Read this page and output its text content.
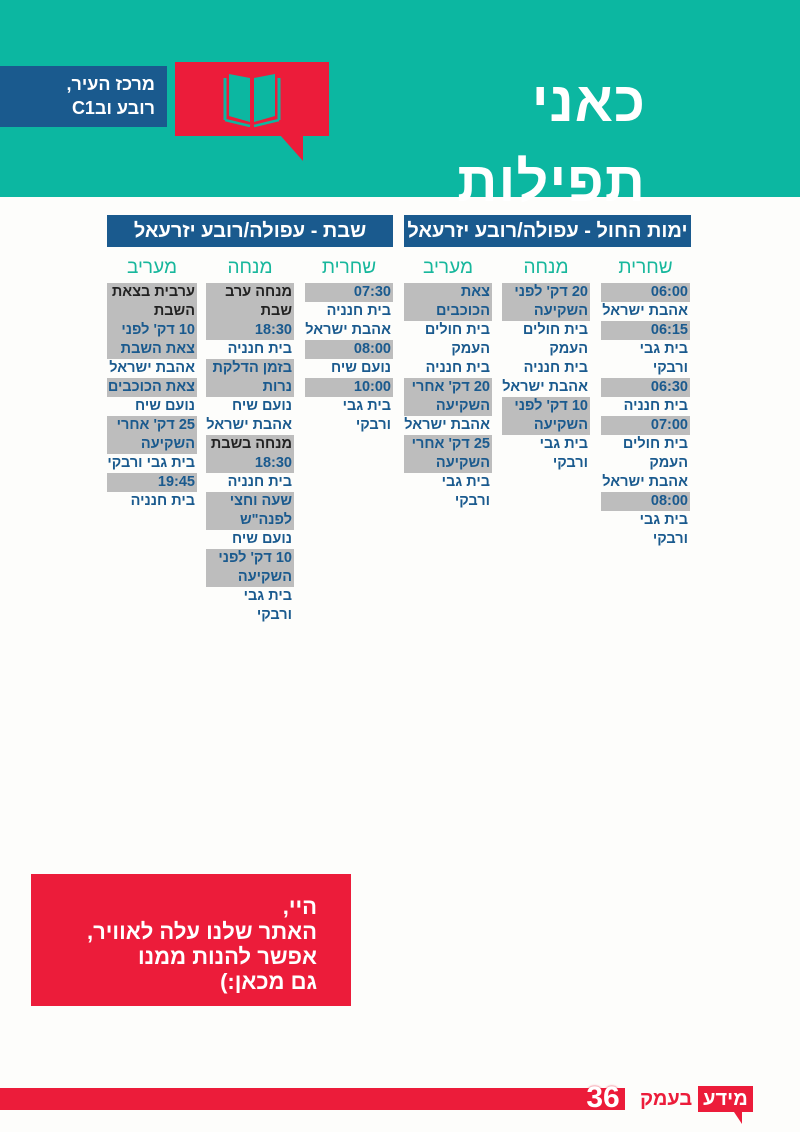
מרכז העיר,
רובע ובC1	כאני תפילות
ימות החול - עפולה/רובע יזרעאל
שבת - עפולה/רובע יזרעאל
שחרית
06:00
אהבת ישראל
06:15
בית גבי ורבקי
06:30
בית חנניה
07:00
בית חולים
העמק
אהבת ישראל
08:00
בית גבי ורבקי
מנחה
20 דק' לפני
השקיעה
בית חולים
העמק
בית חנניה
אהבת ישראל
10 דק' לפני
השקיעה
בית גבי ורבקי
מעריב
צאת הכוכבים
בית חולים
העמק
בית חנניה
20 דק' אחרי
השקיעה
אהבת ישראל
25 דק' אחרי
השקיעה
בית גבי ורבקי
שחרית
07:30
בית חנניה
אהבת ישראל
08:00
נועם שיח
10:00
בית גבי ורבקי
מנחה
מנחה ערב
שבת
18:30
בית חנניה
בזמן הדלקת
נרות
נועם שיח
אהבת ישראל
מנחה בשבת
18:30
בית חנניה
שעה וחצי
לפנה"ש
נועם שיח
10 דק' לפני
השקיעה
בית גבי ורבקי
מעריב
ערבית בצאת
השבת
10 דק' לפני
צאת השבת
אהבת ישראל
צאת הכוכבים
נועם שיח
25 דק' אחרי
השקיעה
בית גבי ורבקי
19:45
בית חנניה
היי,
האתר שלנו עלה לאוויר,
אפשר להנות ממנו
גם מכאן:)
36	מידע
בעמק
